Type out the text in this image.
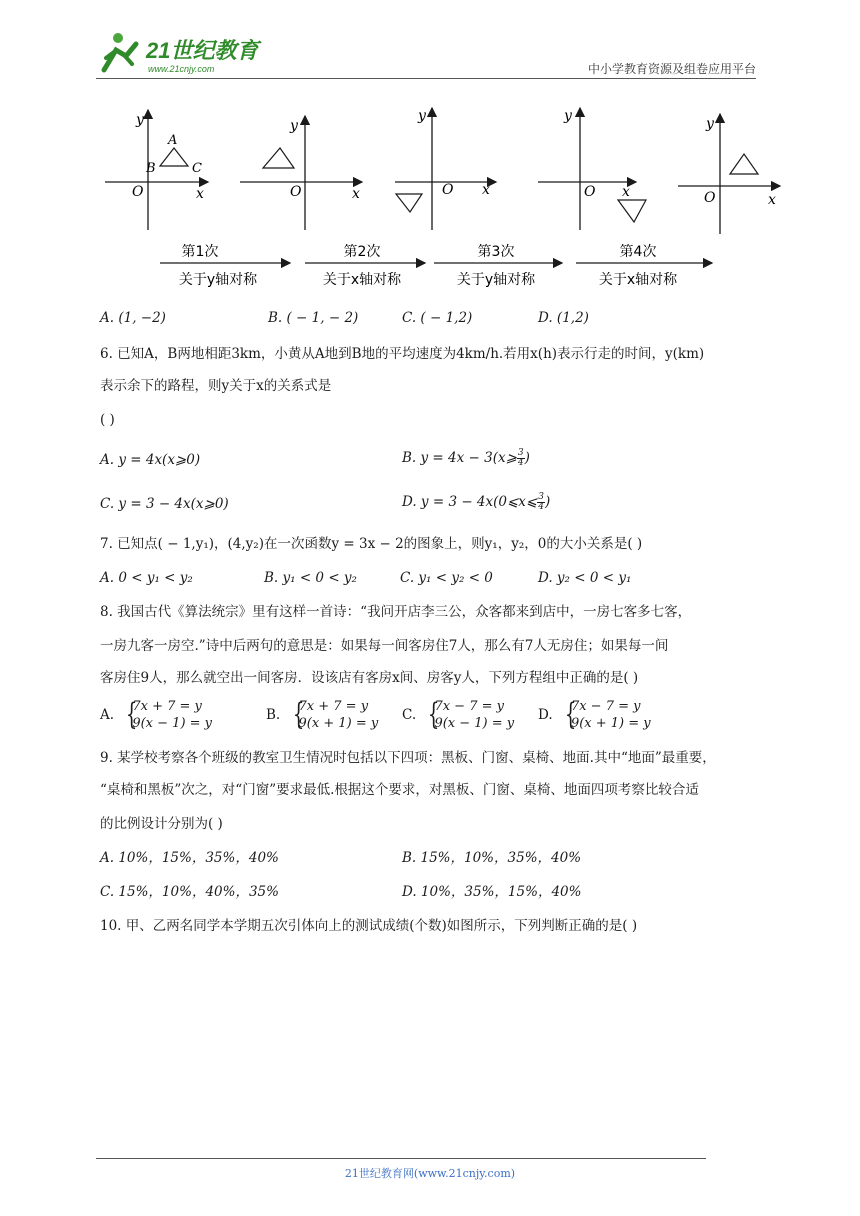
21世纪教育
www.21cnjy.com	中小学教育资源及组卷应用平台
y
x
O
A
B	C
y
x
O
y
x
O
y
x
O
y
x
O
第1次
关于y轴对称
第2次
关于x轴对称
第3次
关于y轴对称
第4次
关于x轴对称
A. (1, −2)	B. ( − 1, − 2)	C. ( − 1,2)	D. (1,2)
6. 已知A，B两地相距3km，小黄从A地到B地的平均速度为4km/h.若用x(h)表示行走的时间，y(km)
表示余下的路程，则y关于x的关系式是
( )
A. y = 4x(x⩾0)	B. y = 4x − 3(x⩾ $\frac{3}{4}$ )
C. y = 3 − 4x(x⩾0)	D. y = 3 − 4x(0⩽x⩽ $\frac{3}{4}$ )
7. 已知点( − 1,y₁)，(4,y₂)在一次函数y = 3x − 2的图象上，则y₁，y₂，0的大小关系是( )
A. 0 < y₁ < y₂	B. y₁ < 0 < y₂	C. y₁ < y₂ < 0	D. y₂ < 0 < y₁
8. 我国古代《算法统宗》里有这样一首诗：“我问开店李三公，众客都来到店中，一房七客多七客，
一房九客一房空.”诗中后两句的意思是：如果每一间客房住7人，那么有7人无房住；如果每一间
客房住9人，那么就空出一间客房．设该店有客房x间、房客y人，下列方程组中正确的是( )
A. {
7x + 7 = y
9(x − 1) = y
B. {
7x + 7 = y
9(x + 1) = y
C. {
7x − 7 = y
9(x − 1) = y
D. {
7x − 7 = y
9(x + 1) = y
9. 某学校考察各个班级的教室卫生情况时包括以下四项：黑板、门窗、桌椅、地面.其中“地面”最重要，
“桌椅和黑板”次之，对“门窗”要求最低.根据这个要求，对黑板、门窗、桌椅、地面四项考察比较合适
的比例设计分别为( )
A. 10%，15%，35%，40%	B. 15%，10%，35%，40%
C. 15%，10%，40%，35%	D. 10%，35%，15%，40%
10. 甲、乙两名同学本学期五次引体向上的测试成绩(个数)如图所示，下列判断正确的是( )
21世纪教育网(www.21cnjy.com)
